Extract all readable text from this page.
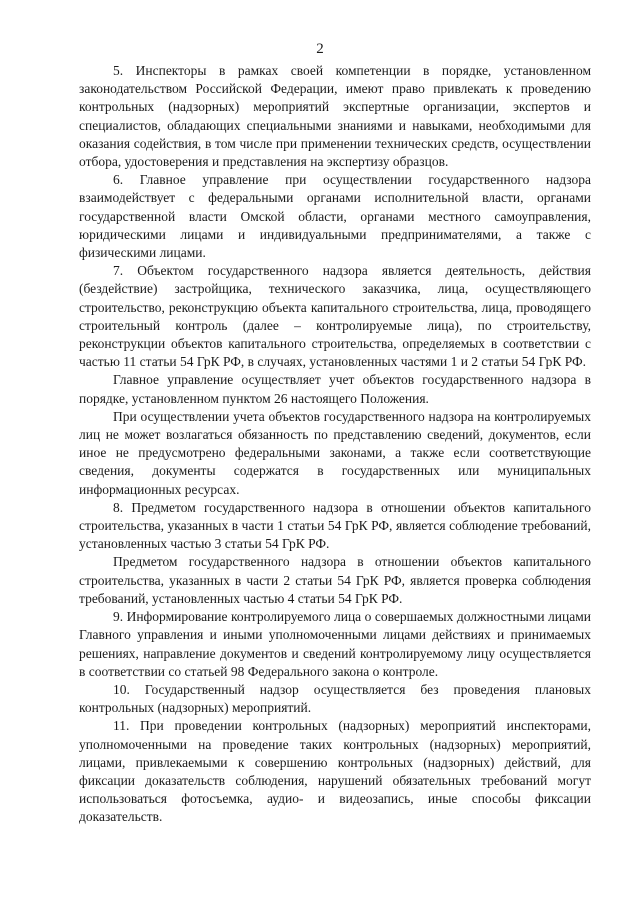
2

5. Инспекторы в рамках своей компетенции в порядке, установленном законодательством Российской Федерации, имеют право привлекать к проведению контрольных (надзорных) мероприятий экспертные организации, экспертов и специалистов, обладающих специальными знаниями и навыками, необходимыми для оказания содействия, в том числе при применении технических средств, осуществлении отбора, удостоверения и представления на экспертизу образцов.

6. Главное управление при осуществлении государственного надзора взаимодействует с федеральными органами исполнительной власти, органами государственной власти Омской области, органами местного самоуправления, юридическими лицами и индивидуальными предпринимателями, а также с физическими лицами.

7. Объектом государственного надзора является деятельность, действия (бездействие) застройщика, технического заказчика, лица, осуществляющего строительство, реконструкцию объекта капитального строительства, лица, проводящего строительный контроль (далее – контролируемые лица), по строительству, реконструкции объектов капитального строительства, определяемых в соответствии с частью 11 статьи 54 ГрК РФ, в случаях, установленных частями 1 и 2 статьи 54 ГрК РФ.

Главное управление осуществляет учет объектов государственного надзора в порядке, установленном пунктом 26 настоящего Положения.

При осуществлении учета объектов государственного надзора на контролируемых лиц не может возлагаться обязанность по представлению сведений, документов, если иное не предусмотрено федеральными законами, а также если соответствующие сведения, документы содержатся в государственных или муниципальных информационных ресурсах.

8. Предметом государственного надзора в отношении объектов капитального строительства, указанных в части 1 статьи 54 ГрК РФ, является соблюдение требований, установленных частью 3 статьи 54 ГрК РФ.

Предметом государственного надзора в отношении объектов капитального строительства, указанных в части 2 статьи 54 ГрК РФ, является проверка соблюдения требований, установленных частью 4 статьи 54 ГрК РФ.

9. Информирование контролируемого лица о совершаемых должностными лицами Главного управления и иными уполномоченными лицами действиях и принимаемых решениях, направление документов и сведений контролируемому лицу осуществляется в соответствии со статьей 98 Федерального закона о контроле.

10. Государственный надзор осуществляется без проведения плановых контрольных (надзорных) мероприятий.

11. При проведении контрольных (надзорных) мероприятий инспекторами, уполномоченными на проведение таких контрольных (надзорных) мероприятий, лицами, привлекаемыми к совершению контрольных (надзорных) действий, для фиксации доказательств соблюдения, нарушений обязательных требований могут использоваться фотосъемка, аудио- и видеозапись, иные способы фиксации доказательств.
